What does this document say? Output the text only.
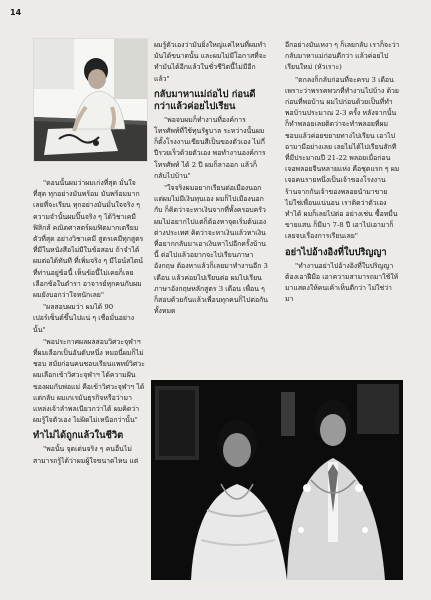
14

"ตอนนั้นผมว่าผมเก่งที่สุด มั่นใจที่สุด ทุกอย่างมันพร้อม มันพร้อมมากเลยที่จะเรียน ทุกอย่างมันมั่นใจจริง ๆ ความจำนั้นผมปิ๊นจริง ๆ ได้วิชาเคมีฟิสิกส์ คณิตศาสตร์ผมฟิตมากเตรียมตัวที่สุด อย่างวิชาเคมี สูตรเคมีทุกสูตรที่มีในหนังสือไม่มีในข้อสอบ ถ้าจำได้ผมต่อได้ทันที ที่เพิ่มจริง ๆ มีไอน์สไตน์ที่ท่านอยู่ข้อนี้ เห็นข้อนี้ไม่เคยก็เลยเลือกข้อในตำรา อาจารย์ทุกคนกับผม ผมยังบอกว่าใจหนักเลย"

"ผลสอบผมว่า ผมได้ 90 เปอร์เซ็นต์ขึ้นไปแน่ ๆ เชื่อมั่นอย่างนั้น"

"พอประกาศผลผลสอบวิศวะจุฬาฯ ที่ผมเลือกเป็นอันดับหนึ่ง หมอนี่ผมก็ไม่ชอบ สมัยก่อนคนชอบเรียนแพทย์วิศวะ ผมเลือกเข้าวิศวะจุฬาฯ ได้ความฝันของผมกับพ่อแม่ คือเข้าวิศวะจุฬาฯ ได้แต่กลับ ผมเกเรมันธุรกิจหรือว่ามาแหล่งเจ้าลำพลเนียวกว่าได้ ผมคิดว่าผมรู้ใจตัวเอง ไม่ผิดไม่เหนือกว่านั้น"

ทำไม่ได้ถูกแล้วในชีวิต

"พอนั้น จุดเด่นจริง ๆ คนอื่นไม่สามารถรู้ได้ว่าผมผู้ใจขนาดไหน แต่

ผมรู้ตัวเองว่ามันยิ่งใหญ่แค่ไหนที่ผมทำมันได้ขนาดนั้น และผมไม่มีโอกาสที่จะทำมันได้อีกแล้วในชั่วชีวิตนี้ไม่มีอีกแล้ว"

กลับมาหาแม่ถ่อไป ก่อนดีกว่าแล้วค่อยไปเรียน

"พอจบผมก็ทำงานที่องค์การโทรศัพท์ที่ใช้ทุนรัฐบาล ระหว่างนั้นผมก็ตั้งโรงงานเขียนสีเป็นของตัวเอง ไม่กี่ปีรวยเร็วด้วยตัวเอง พอทำงานองค์การโทรศัพท์ ได้ 2 ปี ผมก็ลาออก แล้วก็กลับไปบ้าน"

"ใจจริงผมอยากเรียนต่อเมืองนอก แต่ผมไม่มีเงินทุนเอง ผมก็ไปเมืองนอกกับ ก็คิดว่าจะหาเงินจากที่ทั้งครอบครัว ผมไม่อยากไปแต่ก็ต้องหาจุดเริ่มต้นเองต่างประเทศ คิดว่าจะหาเงินแล้วหาเงินที่อยากกลับมาเอาเงินหาไปอีกครั้งบ้านนี้ ต่อไปแล้วอยากจะไปเรียนภาษาอังกฤษ ต้องหาแล้วก็เลยมาทำงานอีก 3 เดือน แล้วค่อยไปเรียนต่อ ผมไปเรียนภาษาอังกฤษหลักสูตร 3 เดือน เพื่อน ๆ ก็สอบด้วยกันแล้วเพื่อนทุกคนก็ไปต่อกันทั้งหมด

อีกอย่างมันเหงา ๆ ก็เลยกลับ เราก็จะว่ากลับมาหาแม่ก่อนดีกว่า แล้วค่อยไปเรียนใหม่ (หัวเราะ)

"ตกลงก็กลับก่อนที่จะครบ 3 เดือน เพราะว่าพรรคพวกที่ทำงานไปบ้าง ด้วยก่อนที่พอบ้าน ผมไปก่อนด้วยเป็นที่ทำพอบ้านประมาณ 2-3 ครั้ง หลังจากนั้นก็ทำพลอยเลยติดว่าจะทำพลอยที่ผมชอบแล้วค่อยขยายทางไปเรียน เอาไปอามามีอย่างเลย เลยไม่ได้ไปเรียนสักที ที่มีประมาณปี 21-22 พลอยเมื่อก่อนเจอพลอยจีนหลายแห่ง คือชุดแรก ๆ ผมเจอคนรายหนึ่งเป็นเจ้าของโรงงาน ร้านจากกันเจ้าของพลอยนำมาขาย ไม่ใช่เพื่อนแน่นอน เราติดว่าตัวเองทำได้ ผมก็เลยไปต่อ อย่างเช่น ซื้อหมื่นขายแสน ก็มีมา 7-8 ปี เอาไปเอามาก็เลยจบเรื่องการเรียนเลย"

อย่าไปอ้างอิงที่ใบปริญญา

"ทำงานอย่าไปอ้างอิงที่ใบปริญญา ต้องเอาฝีมือ เอาความสามารถมาใช้ให้มาแสดงให้คนเค้าเห็นดีกว่า ไม่ใช่ว่ามา
